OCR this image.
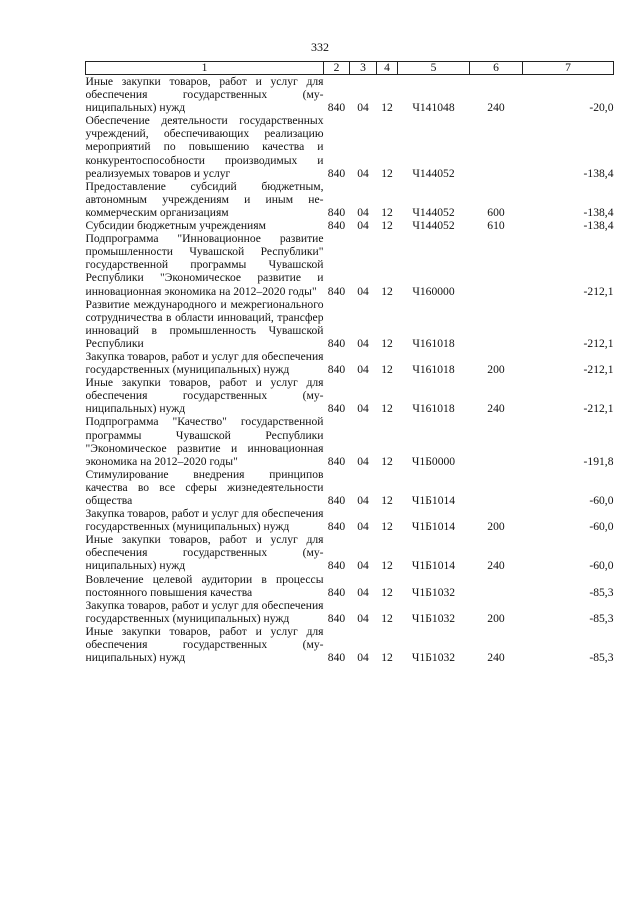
332
1	2	3	4	5	6	7

Иные закупки товаров, работ и услуг для обеспечения государственных (муниципальных) нужд	840	04	12	Ч141048	240	-20,0

Обеспечение деятельности государственных учреждений, обеспечивающих реализацию мероприятий по повышению качества и конкурентоспособности производимых и реализуемых товаров и услуг	840	04	12	Ч144052		-138,4

Предоставление субсидий бюджетным, автономным учреждениям и иным некоммерческим организациям	840	04	12	Ч144052	600	-138,4

Субсидии бюджетным учреждениям	840	04	12	Ч144052	610	-138,4

Подпрограмма "Инновационное развитие промышленности Чувашской Республики" государственной программы Чувашской Республики "Экономическое развитие и инновационная экономика на 2012–2020 годы"	840	04	12	Ч160000		-212,1

Развитие международного и межрегионального сотрудничества в области инноваций, трансфер инноваций в промышленность Чувашской Республики	840	04	12	Ч161018		-212,1

Закупка товаров, работ и услуг для обеспечения государственных (муниципальных) нужд	840	04	12	Ч161018	200	-212,1

Иные закупки товаров, работ и услуг для обеспечения государственных (муниципальных) нужд	840	04	12	Ч161018	240	-212,1

Подпрограмма "Качество" государственной программы Чувашской Республики "Экономическое развитие и инновационная экономика на 2012–2020 годы"	840	04	12	Ч1Б0000		-191,8

Стимулирование внедрения принципов качества во все сферы жизнедеятельности общества	840	04	12	Ч1Б1014		-60,0

Закупка товаров, работ и услуг для обеспечения государственных (муниципальных) нужд	840	04	12	Ч1Б1014	200	-60,0

Иные закупки товаров, работ и услуг для обеспечения государственных (муниципальных) нужд	840	04	12	Ч1Б1014	240	-60,0

Вовлечение целевой аудитории в процессы постоянного повышения качества	840	04	12	Ч1Б1032		-85,3

Закупка товаров, работ и услуг для обеспечения государственных (муниципальных) нужд	840	04	12	Ч1Б1032	200	-85,3

Иные закупки товаров, работ и услуг для обеспечения государственных (муниципальных) нужд	840	04	12	Ч1Б1032	240	-85,3
